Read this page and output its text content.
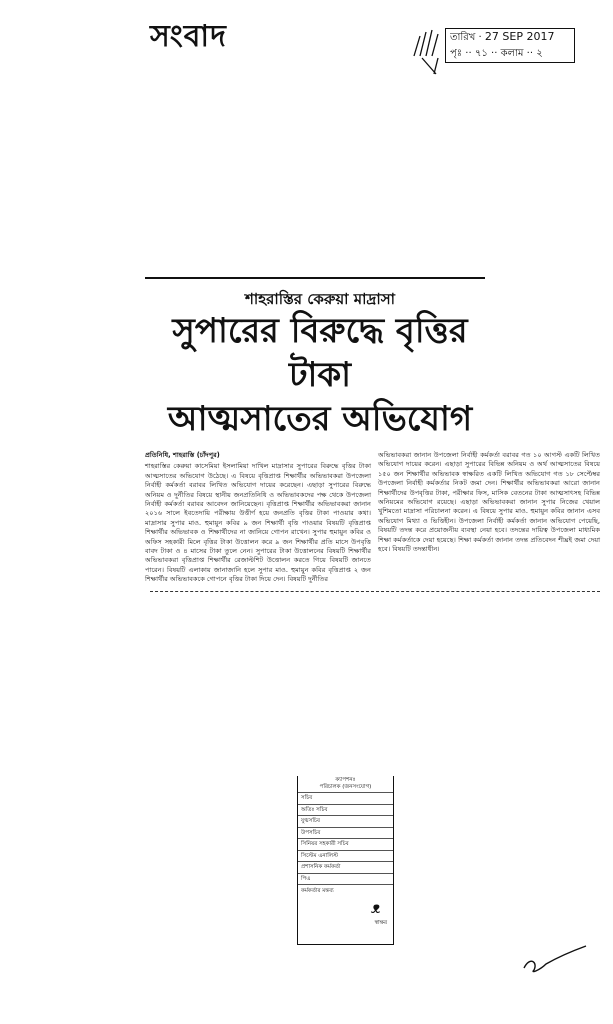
সংবাদ	তারিখ · 27 SEP 2017
পৃঃ ·· ৭১ ·· কলাম ·· ২
শাহরাস্তির কেরুয়া মাদ্রাসা
সুপারের বিরুদ্ধে বৃত্তির টাকা
আত্মসাতের অভিযোগ
প্রতিনিধি, শাহরাস্তি (চাঁদপুর)
শাহরাস্তির কেরুয়া কাসেমিয়া ইসলামিয়া দাখিল মাদ্রাসার সুপারের বিরুদ্ধে বৃত্তির টাকা আত্মসাতের অভিযোগ উঠেছে। এ বিষয়ে বৃত্তিপ্রাপ্ত শিক্ষার্থীর অভিভাবকরা উপজেলা নির্বাহী কর্মকর্তা বরাবর লিখিত অভিযোগ দায়ের করেছেন। এছাড়া সুপারের বিরুদ্ধে অনিয়ম ও দুর্নীতির বিষয়ে স্থানীয় জনপ্রতিনিধি ও অভিভাবকদের পক্ষ থেকে উপজেলা নির্বাহী কর্মকর্তা বরাবর আবেদন জানিয়েছেন। বৃত্তিপ্রাপ্ত শিক্ষার্থীর অভিভাবকরা জানান ২০১৬ সালে ইবতেদায়ি পরীক্ষায় উত্তীর্ণ হয়ে জনপ্রতি বৃত্তির টাকা পাওয়ার কথা। মাদ্রাসার সুপার মাও. হুমায়ুন কবির ৯ জন শিক্ষার্থী বৃত্তি পাওয়ার বিষয়টি বৃত্তিপ্রাপ্ত শিক্ষার্থীর অভিভাবক ও শিক্ষার্থীদের না জানিয়ে গোপন রাখেন। সুপার হুমায়ুন কবির ও অফিস সহকারী মিলে বৃত্তির টাকা উত্তোলন করে ৯ জন শিক্ষার্থীর প্রতি মাসে উপবৃত্তি বাবদ টাকা ও ৪ মাসের টাকা তুলে নেন। সুপারের টাকা উত্তোলনের বিষয়টি শিক্ষার্থীর অভিভাবকরা বৃত্তিপ্রাপ্ত শিক্ষার্থীর রেজাল্টশিট উত্তোলন করতে গিয়ে বিষয়টি জানতে পারেন। বিষয়টি এলাকায় জানাজানি হলে সুপার মাও. হুমায়ুন কবির বৃত্তিপ্রাপ্ত ২ জন শিক্ষার্থীর অভিভাবককে গোপনে বৃত্তির টাকা দিয়ে দেন। বিষয়টি দুর্নীতির
অভিভাবকরা জানান উপজেলা নির্বাহী কর্মকর্তা বরাবর গত ১০ আগস্ট একটি লিখিত অভিযোগ দায়ের করেন। এছাড়া সুপারের বিভিন্ন অনিয়ম ও অর্থ আত্মসাতের বিষয়ে ১৫০ জন শিক্ষার্থীর অভিভাবক স্বাক্ষরিত একটি লিখিত অভিযোগ গত ১৮ সেপ্টেম্বর উপজেলা নির্বাহী কর্মকর্তার নিকট জমা দেন। শিক্ষার্থীর অভিভাবকরা আরো জানান শিক্ষার্থীদের উপবৃত্তির টাকা, পরীক্ষার ফিস, মাসিক বেতনের টাকা আত্মসাৎসহ বিভিন্ন অনিয়মের অভিযোগ রয়েছে। এছাড়া অভিভাবকরা জানান সুপার নিজের খেয়াল খুশিমতো মাদ্রাসা পরিচালনা করেন। এ বিষয়ে সুপার মাও. হুমায়ুন কবির জানান এসব অভিযোগ মিথ্যা ও ভিত্তিহীন। উপজেলা নির্বাহী কর্মকর্তা জানান অভিযোগ পেয়েছি, বিষয়টি তদন্ত করে প্রয়োজনীয় ব্যবস্থা নেয়া হবে। তদন্তের দায়িত্ব উপজেলা মাধ্যমিক শিক্ষা কর্মকর্তাকে দেয়া হয়েছে। শিক্ষা কর্মকর্তা জানান তদন্ত প্রতিবেদন শীঘ্রই জমা দেয়া হবে। বিষয়টি তদন্তাধীন।
ক্যাপশনঃ
পরিচালক (জনসংযোগ)
সচিব
অতিঃ সচিব
যুগ্মসচিব
উপসচিব
সিনিয়র সহকারী সচিব
সিস্টেম এনালিস্ট
প্রশাসনিক কর্মকর্তা
পিএ
কর্মকর্তার মন্তব্য
ᴥ
স্বাক্ষর
